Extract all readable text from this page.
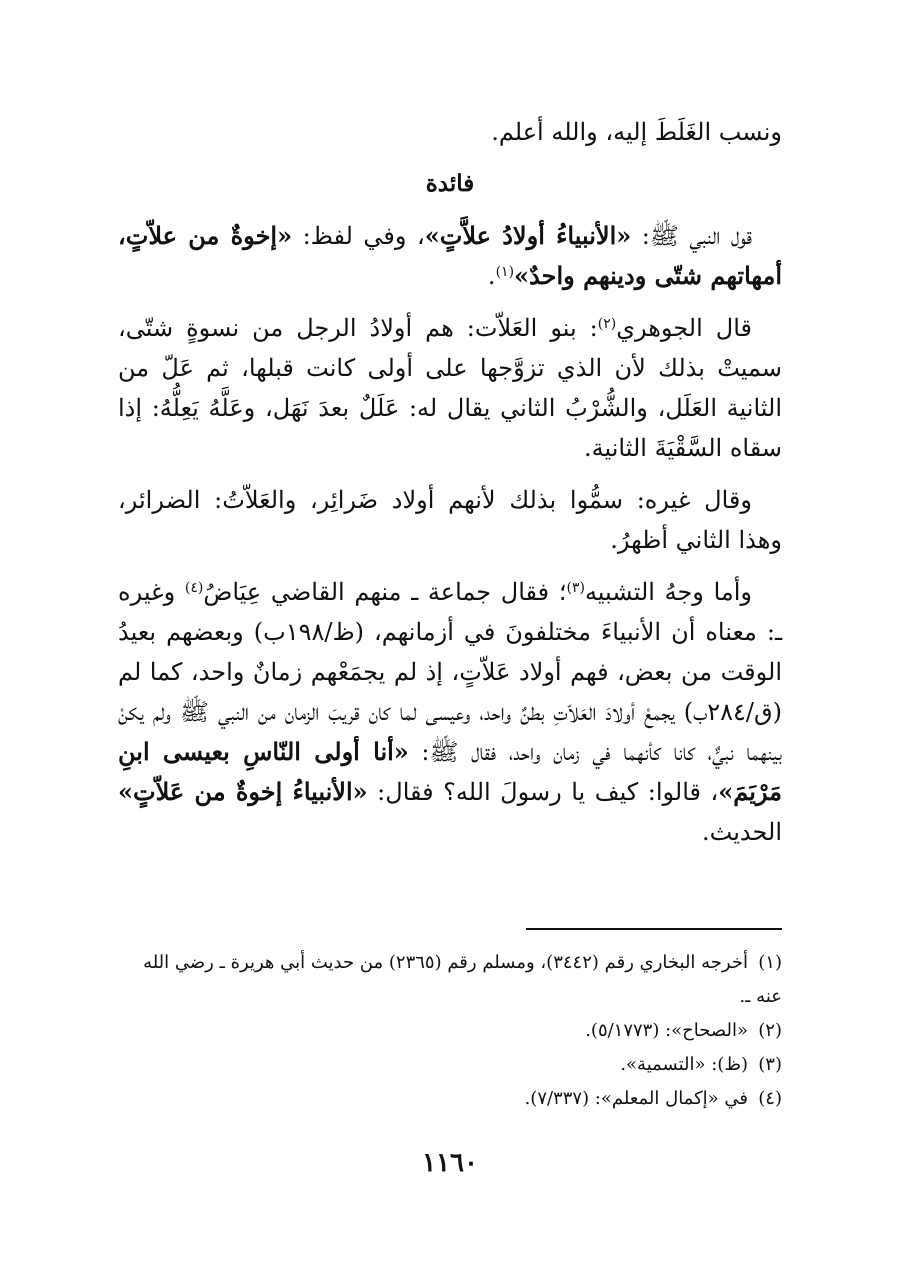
ونسب الغَلَطَ إليه، والله أعلم.

فائدة

قول النبي ﷺ: «الأنبياءُ أولادُ علاَّتٍ»، وفي لفظ: «إخوةٌ من علاّتٍ، أمهاتهم شتّى ودينهم واحدٌ»$^{(١)}$.

قال الجوهري$^{(٢)}$: بنو العَلاّت: هم أولادُ الرجل من نسوةٍ شتّى، سميتْ بذلك لأن الذي تزوَّجها على أولى كانت قبلها، ثم عَلّ من الثانية العَلَل، والشُّرْبُ الثاني يقال له: عَلَلٌ بعدَ نَهَل، وعَلَّهُ يَعِلُّهُ: إذا سقاه السَّقْيَةَ الثانية.

وقال غيره: سمُّوا بذلك لأنهم أولاد ضَرائِر، والعَلاّتُ: الضرائر، وهذا الثاني أظهرُ.

وأما وجهُ التشبيه$^{(٣)}$؛ فقال جماعة ـ منهم القاضي عِيَاضُ$^{(٤)}$ وغيره ـ: معناه أن الأنبياءَ مختلفونَ في أزمانهم، (ظ/١٩٨ب) وبعضهم بعيدُ الوقت من بعض، فهم أولاد عَلاّتٍ، إذ لم يجمَعْهم زمانٌ واحد، كما لم (ق/٢٨٤ب) يجمعْ أولادَ العَلاّتِ بطنٌ واحد، وعيسى لما كان قريبَ الزمان من النبي ﷺ ولم يكنْ بينهما نبيٌّ، كانا كأنهما في زمان واحد، فقال ﷺ: «أنا أولى النّاسِ بعيسى ابنِ مَرْيَمَ»، قالوا: كيف يا رسولَ الله؟ فقال: «الأنبياءُ إخوةٌ من عَلاّتٍ» الحديث.

(١)أخرجه البخاري رقم (٣٤٤٢)، ومسلم رقم (٢٣٦٥) من حديث أبي هريرة ـ رضي الله عنه ـ.
(٢)«الصحاح»: (٥/١٧٧٣).
(٣)(ظ): «التسمية».
(٤)في «إكمال المعلم»: (٧/٣٣٧).
١١٦٠
